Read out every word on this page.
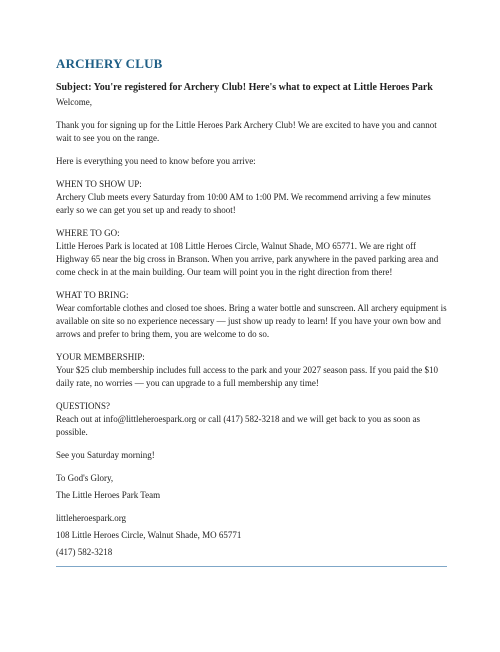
ARCHERY CLUB
Subject: You're registered for Archery Club! Here's what to expect at Little Heroes Park

Welcome,

Thank you for signing up for the Little Heroes Park Archery Club! We are excited to have you and cannot wait to see you on the range.

Here is everything you need to know before you arrive:

WHEN TO SHOW UP:

Archery Club meets every Saturday from 10:00 AM to 1:00 PM. We recommend arriving a few minutes early so we can get you set up and ready to shoot!

WHERE TO GO:

Little Heroes Park is located at 108 Little Heroes Circle, Walnut Shade, MO 65771. We are right off Highway 65 near the big cross in Branson. When you arrive, park anywhere in the paved parking area and come check in at the main building. Our team will point you in the right direction from there!

WHAT TO BRING:

Wear comfortable clothes and closed toe shoes. Bring a water bottle and sunscreen. All archery equipment is available on site so no experience necessary — just show up ready to learn! If you have your own bow and arrows and prefer to bring them, you are welcome to do so.

YOUR MEMBERSHIP:

Your $25 club membership includes full access to the park and your 2027 season pass. If you paid the $10 daily rate, no worries — you can upgrade to a full membership any time!

QUESTIONS?

Reach out at info@littleheroespark.org or call (417) 582-3218 and we will get back to you as soon as possible.

See you Saturday morning!

To God's Glory,

The Little Heroes Park Team

littleheroespark.org

108 Little Heroes Circle, Walnut Shade, MO 65771

(417) 582-3218
